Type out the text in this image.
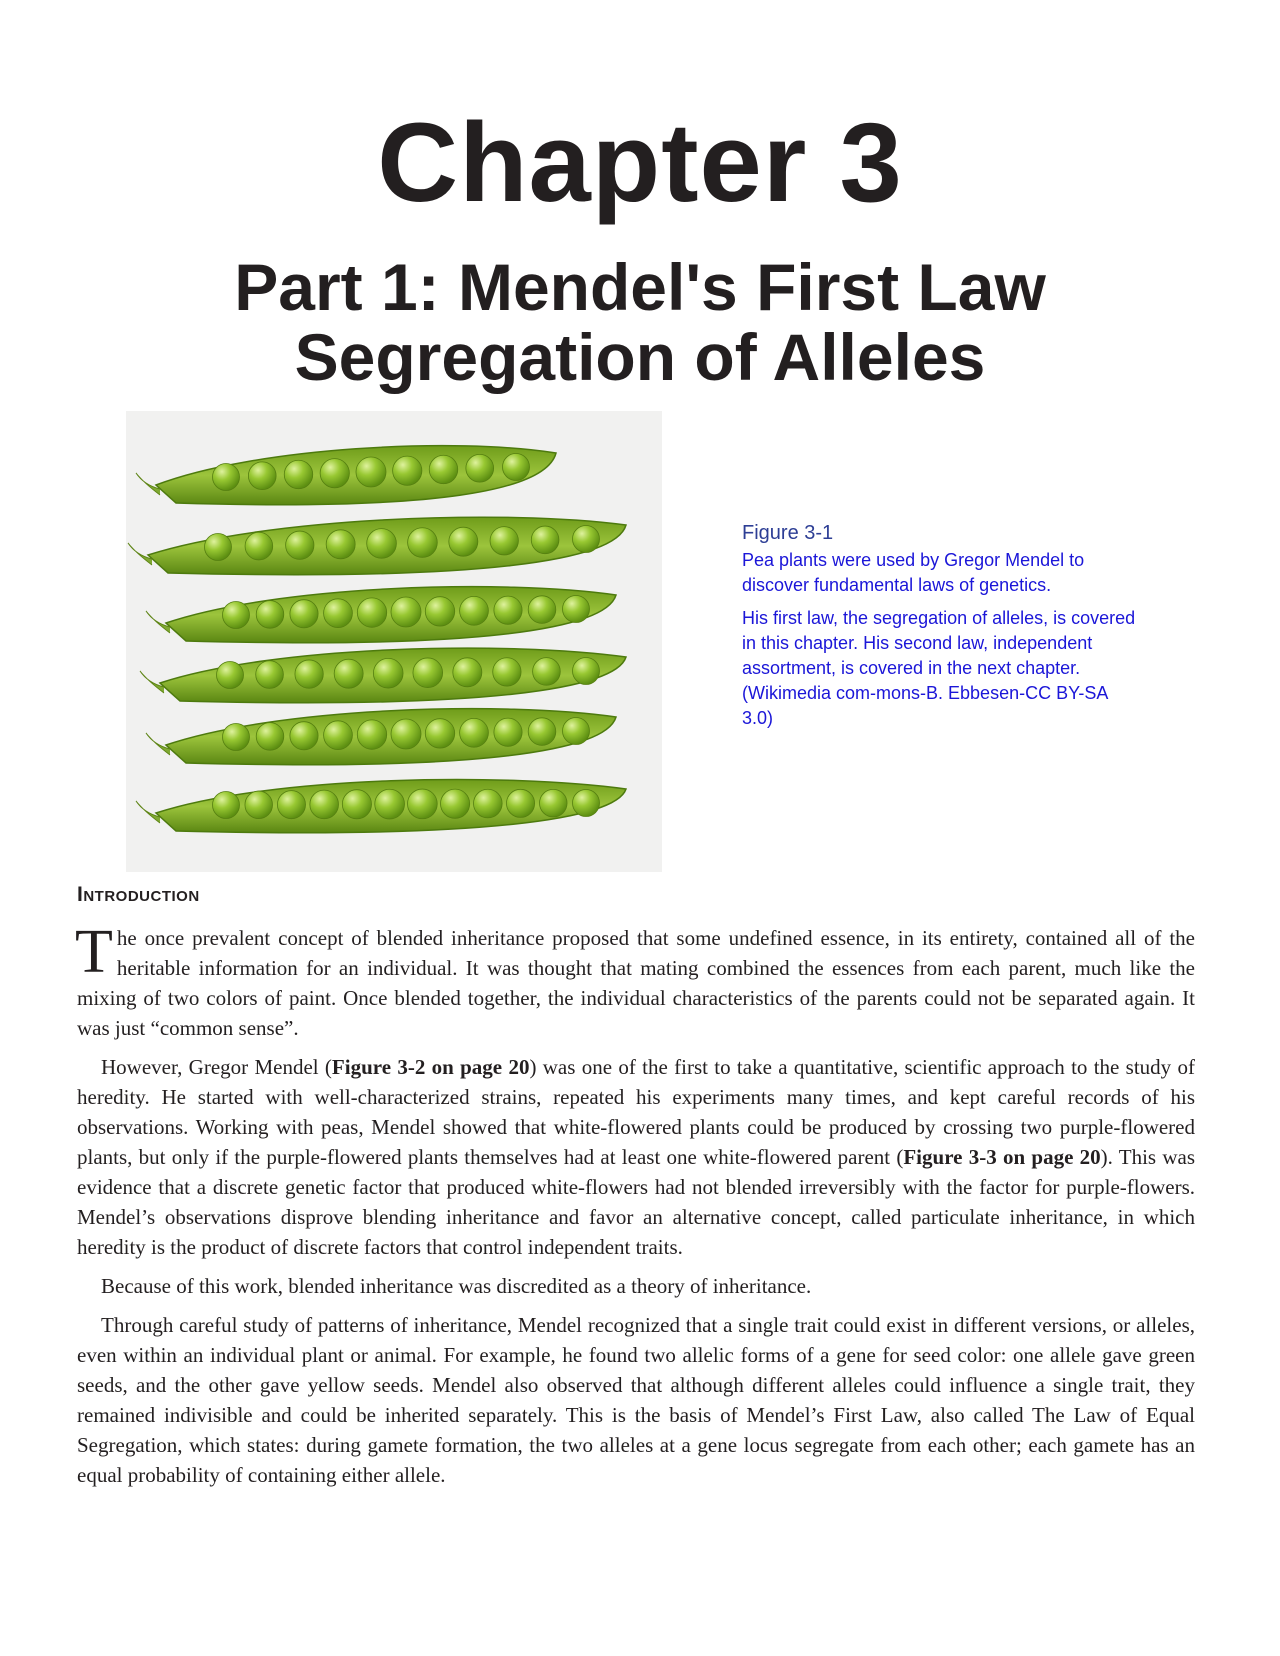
Chapter 3
Part 1: Mendel's First Law
Segregation of Alleles
Figure 3-1

Pea plants were used by Gregor Mendel to discover fundamental laws of genetics.

His first law, the segregation of alleles, is covered in this chapter. His second law, independent assortment, is covered in the next chapter. (Wikimedia com-mons-B. Ebbesen-CC BY-SA 3.0)

Introduction

The once prevalent concept of blended inheritance proposed that some undefined essence, in its entirety, contained all of the heritable information for an individual. It was thought that mating combined the essences from each parent, much like the mixing of two colors of paint. Once blended together, the individual characteristics of the parents could not be separated again. It was just “common sense”.

However, Gregor Mendel (Figure 3-2 on page 20) was one of the first to take a quantitative, scientific approach to the study of heredity. He started with well-characterized strains, repeated his experiments many times, and kept careful records of his observations. Working with peas, Mendel showed that white-flowered plants could be produced by crossing two purple-flowered plants, but only if the purple-flowered plants themselves had at least one white-flowered parent (Figure 3-3 on page 20). This was evidence that a discrete genetic factor that produced white-flowers had not blended irreversibly with the factor for purple-flowers. Mendel’s observations disprove blending inheritance and favor an alternative concept, called particulate inheritance, in which heredity is the product of discrete factors that control independent traits.

Because of this work, blended inheritance was discredited as a theory of inheritance.

Through careful study of patterns of inheritance, Mendel recognized that a single trait could exist in different versions, or alleles, even within an individual plant or animal. For example, he found two allelic forms of a gene for seed color: one allele gave green seeds, and the other gave yellow seeds. Mendel also observed that although different alleles could influence a single trait, they remained indivisible and could be inherited separately. This is the basis of Mendel’s First Law, also called The Law of Equal Segregation, which states: during gamete formation, the two alleles at a gene locus segregate from each other; each gamete has an equal probability of containing either allele.
